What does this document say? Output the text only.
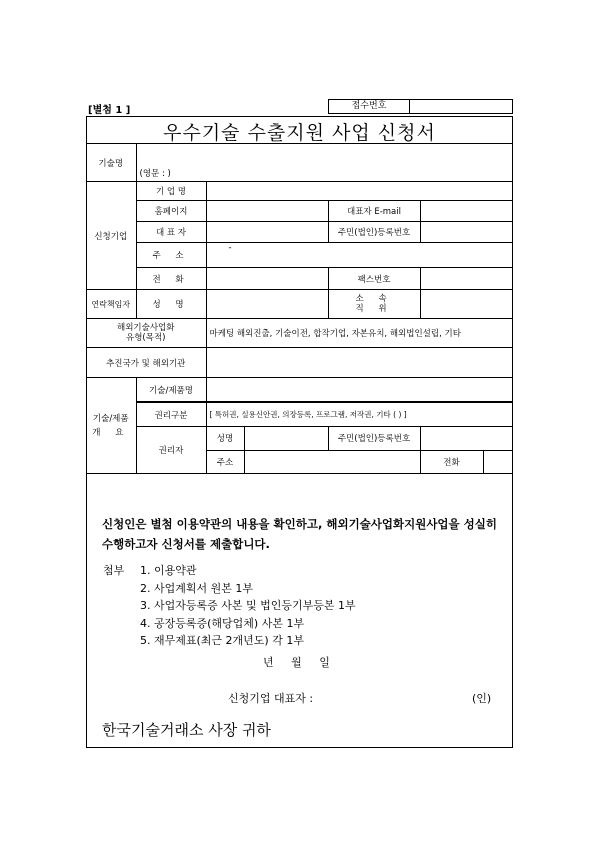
[별첨 1 ]	접수번호
우수기술 수출지원 사업 신청서
기술명	(영문 : )					
신청기업	기 업 명					
	홈페이지			대표자 E-mail		
	대 표 자			주민(법인)등록번호		
	주 소	-				
	전 화			팩스번호		
연락책임자	성 명			소 속
직 위		

해외기술사업화
유형(목적)		마케팅 해외진출, 기술이전, 합작기업, 자본유치, 해외법인설립, 기타				
추진국가 및 해외기관						

기술/제품
개 요	기술/제품명					

	권리구분	[ 특허권, 실용신안권, 의장등록, 프로그램, 저작권, 기타 ( ) ]				
	권리자	성명		주민(법인)등록번호		
		주소			전화	
신청인은 별첨 이용약관의 내용을 확인하고, 해외기술사업화지원사업을 성실히 수행하고자 신청서를 제출합니다.
첨부 1. 이용약관
2. 사업계획서 원본 1부
3. 사업자등록증 사본 및 법인등기부등본 1부
4. 공장등록증(해당업체) 사본 1부
5. 재무제표(최근 2개년도) 각 1부
년 월 일
신청기업 대표자 :	(인)
한국기술거래소 사장 귀하
